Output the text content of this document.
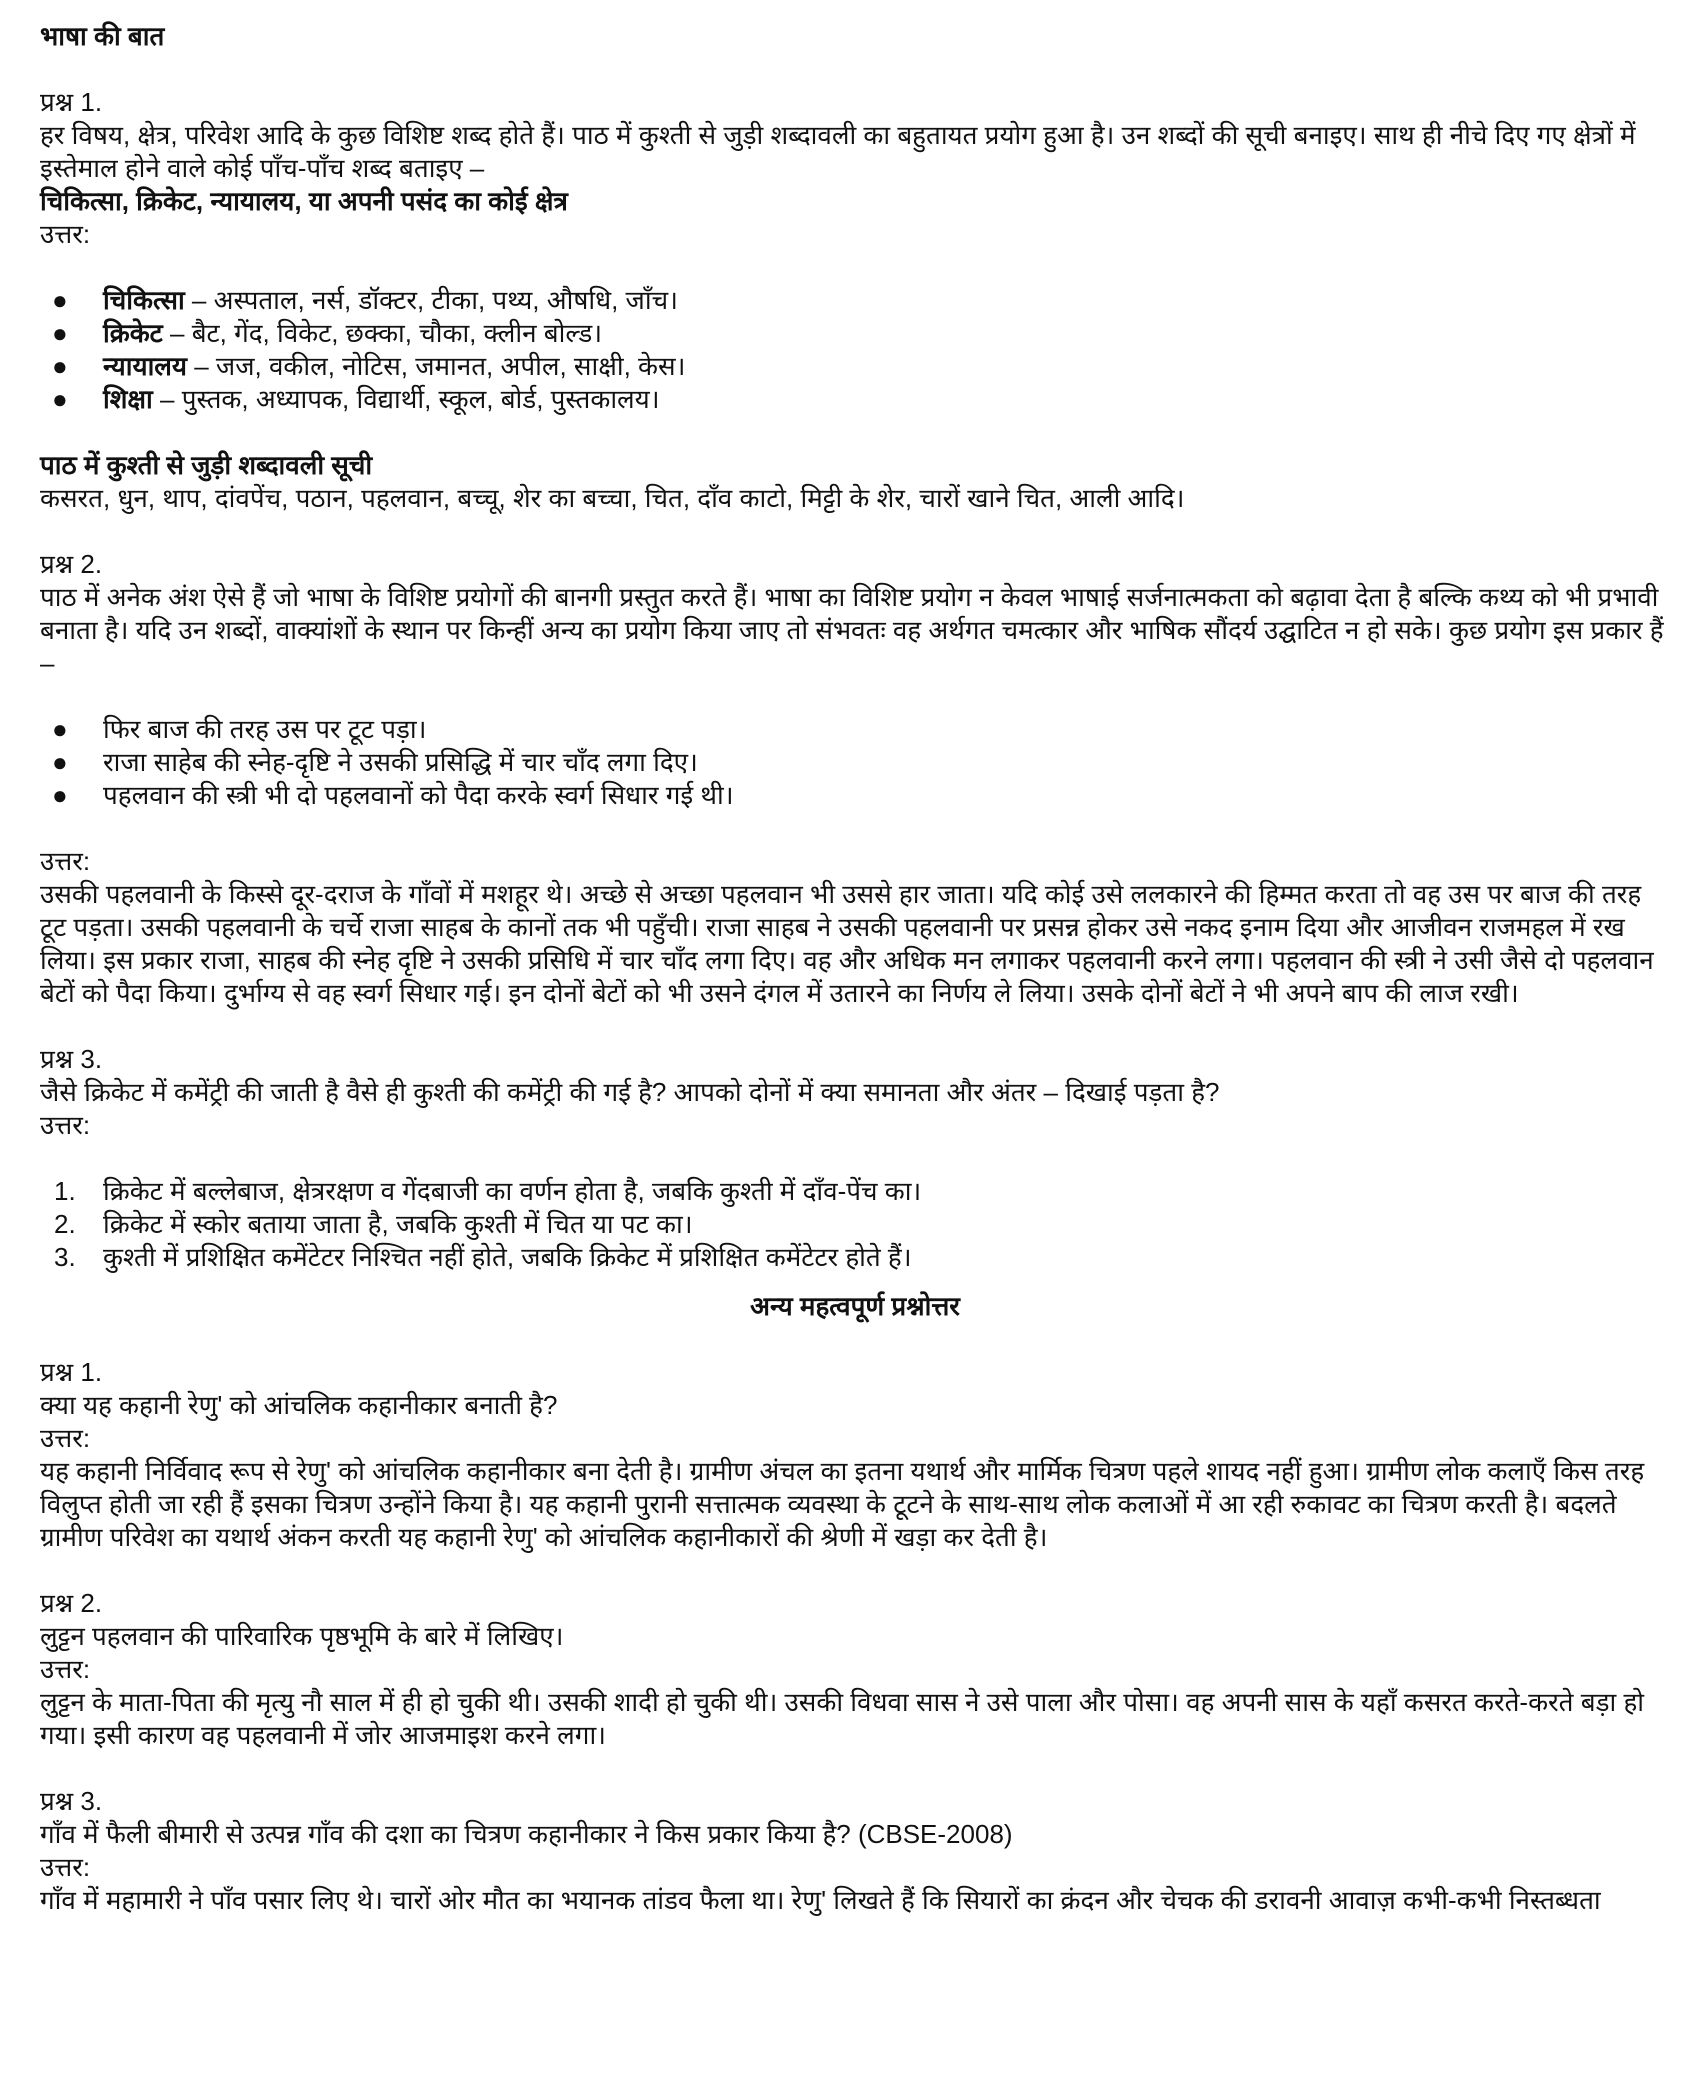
भाषा की बात

प्रश्न 1.

हर विषय, क्षेत्र, परिवेश आदि के कुछ विशिष्ट शब्द होते हैं। पाठ में कुश्ती से जुड़ी शब्दावली का बहुतायत प्रयोग हुआ है। उन शब्दों की सूची बनाइए। साथ ही नीचे दिए गए क्षेत्रों में इस्तेमाल होने वाले कोई पाँच-पाँच शब्द बताइए –

चिकित्सा, क्रिकेट, न्यायालय, या अपनी पसंद का कोई क्षेत्र

उत्तर:

● चिकित्सा – अस्पताल, नर्स, डॉक्टर, टीका, पथ्य, औषधि, जाँच।
● क्रिकेट – बैट, गेंद, विकेट, छक्का, चौका, क्लीन बोल्ड।
● न्यायालय – जज, वकील, नोटिस, जमानत, अपील, साक्षी, केस।
● शिक्षा – पुस्तक, अध्यापक, विद्यार्थी, स्कूल, बोर्ड, पुस्तकालय।

पाठ में कुश्ती से जुड़ी शब्दावली सूची

कसरत, धुन, थाप, दांवपेंच, पठान, पहलवान, बच्चू, शेर का बच्चा, चित, दाँव काटो, मिट्टी के शेर, चारों खाने चित, आली आदि।

प्रश्न 2.

पाठ में अनेक अंश ऐसे हैं जो भाषा के विशिष्ट प्रयोगों की बानगी प्रस्तुत करते हैं। भाषा का विशिष्ट प्रयोग न केवल भाषाई सर्जनात्मकता को बढ़ावा देता है बल्कि कथ्य को भी प्रभावी बनाता है। यदि उन शब्दों, वाक्यांशों के स्थान पर किन्हीं अन्य का प्रयोग किया जाए तो संभवतः वह अर्थगत चमत्कार और भाषिक सौंदर्य उद्घाटित न हो सके। कुछ प्रयोग इस प्रकार हैं –

● फिर बाज की तरह उस पर टूट पड़ा।
● राजा साहेब की स्नेह-दृष्टि ने उसकी प्रसिद्धि में चार चाँद लगा दिए।
● पहलवान की स्त्री भी दो पहलवानों को पैदा करके स्वर्ग सिधार गई थी।

उत्तर:

उसकी पहलवानी के किस्से दूर-दराज के गाँवों में मशहूर थे। अच्छे से अच्छा पहलवान भी उससे हार जाता। यदि कोई उसे ललकारने की हिम्मत करता तो वह उस पर बाज की तरह टूट पड़ता। उसकी पहलवानी के चर्चे राजा साहब के कानों तक भी पहुँची। राजा साहब ने उसकी पहलवानी पर प्रसन्न होकर उसे नकद इनाम दिया और आजीवन राजमहल में रख लिया। इस प्रकार राजा, साहब की स्नेह दृष्टि ने उसकी प्रसिधि में चार चाँद लगा दिए। वह और अधिक मन लगाकर पहलवानी करने लगा। पहलवान की स्त्री ने उसी जैसे दो पहलवान बेटों को पैदा किया। दुर्भाग्य से वह स्वर्ग सिधार गई। इन दोनों बेटों को भी उसने दंगल में उतारने का निर्णय ले लिया। उसके दोनों बेटों ने भी अपने बाप की लाज रखी।

प्रश्न 3.

जैसे क्रिकेट में कमेंट्री की जाती है वैसे ही कुश्ती की कमेंट्री की गई है? आपको दोनों में क्या समानता और अंतर – दिखाई पड़ता है?

उत्तर:

1. क्रिकेट में बल्लेबाज, क्षेत्ररक्षण व गेंदबाजी का वर्णन होता है, जबकि कुश्ती में दाँव-पेंच का।
2. क्रिकेट में स्कोर बताया जाता है, जबकि कुश्ती में चित या पट का।
3. कुश्ती में प्रशिक्षित कमेंटेटर निश्चित नहीं होते, जबकि क्रिकेट में प्रशिक्षित कमेंटेटर होते हैं।

अन्य महत्वपूर्ण प्रश्नोत्तर

प्रश्न 1.

क्या यह कहानी रेणु' को आंचलिक कहानीकार बनाती है?

उत्तर:

यह कहानी निर्विवाद रूप से रेणु' को आंचलिक कहानीकार बना देती है। ग्रामीण अंचल का इतना यथार्थ और मार्मिक चित्रण पहले शायद नहीं हुआ। ग्रामीण लोक कलाएँ किस तरह विलुप्त होती जा रही हैं इसका चित्रण उन्होंने किया है। यह कहानी पुरानी सत्तात्मक व्यवस्था के टूटने के साथ-साथ लोक कलाओं में आ रही रुकावट का चित्रण करती है। बदलते ग्रामीण परिवेश का यथार्थ अंकन करती यह कहानी रेणु' को आंचलिक कहानीकारों की श्रेणी में खड़ा कर देती है।

प्रश्न 2.

लुट्टन पहलवान की पारिवारिक पृष्ठभूमि के बारे में लिखिए।

उत्तर:

लुट्टन के माता-पिता की मृत्यु नौ साल में ही हो चुकी थी। उसकी शादी हो चुकी थी। उसकी विधवा सास ने उसे पाला और पोसा। वह अपनी सास के यहाँ कसरत करते-करते बड़ा हो गया। इसी कारण वह पहलवानी में जोर आजमाइश करने लगा।

प्रश्न 3.

गाँव में फैली बीमारी से उत्पन्न गाँव की दशा का चित्रण कहानीकार ने किस प्रकार किया है? (CBSE-2008)

उत्तर:

गाँव में महामारी ने पाँव पसार लिए थे। चारों ओर मौत का भयानक तांडव फैला था। रेणु' लिखते हैं कि सियारों का क्रंदन और चेचक की डरावनी आवाज़ कभी-कभी निस्तब्धता
